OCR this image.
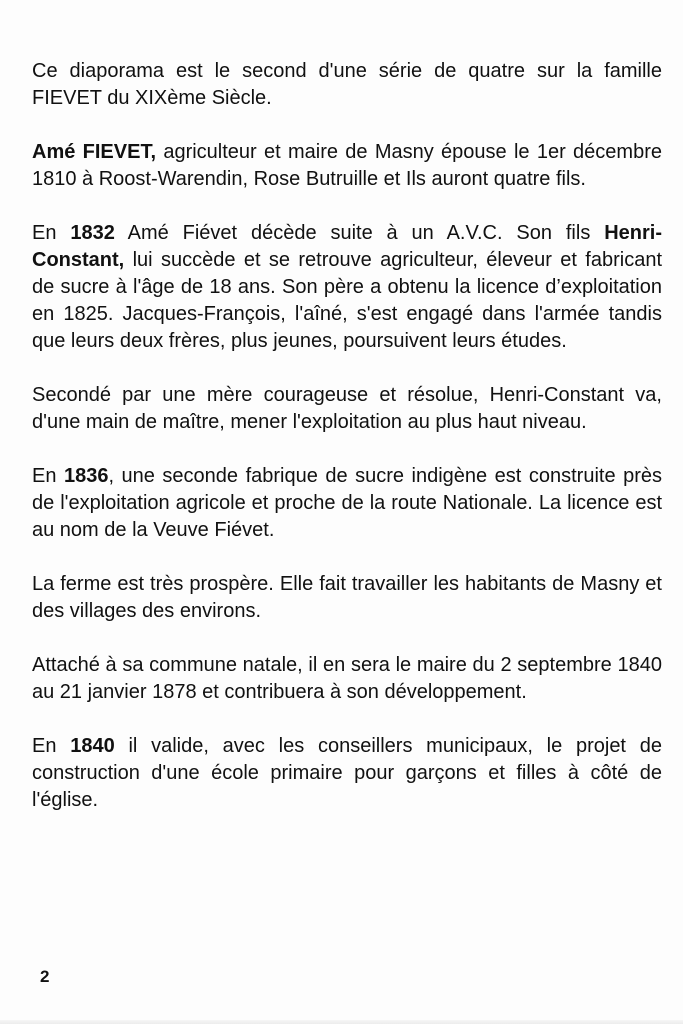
Ce diaporama est le second d'une série de quatre sur la famille FIEVET du XIXème Siècle.

Amé FIEVET, agriculteur et maire de Masny épouse le 1er décembre 1810 à Roost-Warendin, Rose Butruille et Ils auront quatre fils.

En 1832 Amé Fiévet décède suite à un A.V.C. Son fils Henri-Constant, lui succède et se retrouve agriculteur, éleveur et fabricant de sucre à l'âge de 18 ans. Son père a obtenu la licence d’exploitation en 1825. Jacques-François, l'aîné, s'est engagé dans l'armée tandis que leurs deux frères, plus jeunes, poursuivent leurs études.

Secondé par une mère courageuse et résolue, Henri-Constant va, d'une main de maître, mener l'exploitation au plus haut niveau.

En 1836, une seconde fabrique de sucre indigène est construite près de l'exploitation agricole et proche de la route Nationale. La licence est au nom de la Veuve Fiévet.

La ferme est très prospère. Elle fait travailler les habitants de Masny et des villages des environs.

Attaché à sa commune natale, il en sera le maire du 2 septembre 1840 au 21 janvier 1878 et contribuera à son développement.

En 1840 il valide, avec les conseillers municipaux, le projet de construction d'une école primaire pour garçons et filles à côté de l'église.

2
